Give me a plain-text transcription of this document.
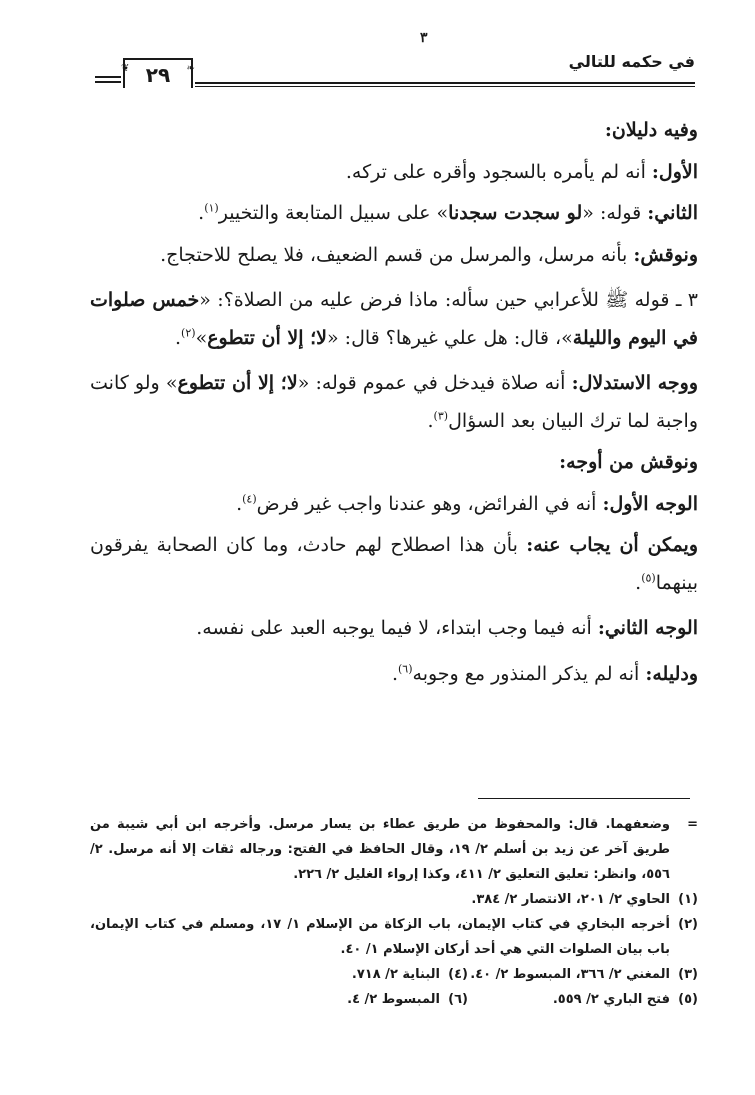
٣
في حكمه للتالي
❦ ٢٩ ❧

وفيه دليلان:

الأول: أنه لم يأمره بالسجود وأقره على تركه.

الثاني: قوله: «لو سجدت سجدنا» على سبيل المتابعة والتخيير$^{(١)}$.

ونوقش: بأنه مرسل، والمرسل من قسم الضعيف، فلا يصلح للاحتجاج.

٣ ـ قوله ﷺ للأعرابي حين سأله: ماذا فرض عليه من الصلاة؟: «خمس صلوات في اليوم والليلة»، قال: هل علي غيرها؟ قال: «لا؛ إلا أن تتطوع»$^{(٢)}$.

ووجه الاستدلال: أنه صلاة فيدخل في عموم قوله: «لا؛ إلا أن تتطوع» ولو كانت واجبة لما ترك البيان بعد السؤال$^{(٣)}$.

ونوقش من أوجه:

الوجه الأول: أنه في الفرائض، وهو عندنا واجب غير فرض$^{(٤)}$.

ويمكن أن يجاب عنه: بأن هذا اصطلاح لهم حادث، وما كان الصحابة يفرقون بينهما$^{(٥)}$.

الوجه الثاني: أنه فيما وجب ابتداء، لا فيما يوجبه العبد على نفسه.

ودليله: أنه لم يذكر المنذور مع وجوبه$^{(٦)}$.

=
وضعفهما. قال: والمحفوظ من طريق عطاء بن يسار مرسل. وأخرجه ابن أبي شيبة من طريق آخر عن زيد بن أسلم ٢/ ١٩، وقال الحافظ في الفتح: ورجاله ثقات إلا أنه مرسل. ٢/ ٥٥٦، وانظر: تعليق التعليق ٢/ ٤١١، وكذا إرواء الغليل ٢/ ٢٢٦.
(١)
الحاوي ٢/ ٢٠١، الانتصار ٢/ ٣٨٤.
(٢)
أخرجه البخاري في كتاب الإيمان، باب الزكاة من الإسلام ١/ ١٧، ومسلم في كتاب الإيمان، باب بيان الصلوات التي هي أحد أركان الإسلام ١/ ٤٠.
(٣)
المغني ٢/ ٣٦٦، المبسوط ٢/ ٤٠.
(٤)
البناية ٢/ ٧١٨.
(٥)
فتح الباري ٢/ ٥٥٩.
(٦)
المبسوط ٢/ ٤.
